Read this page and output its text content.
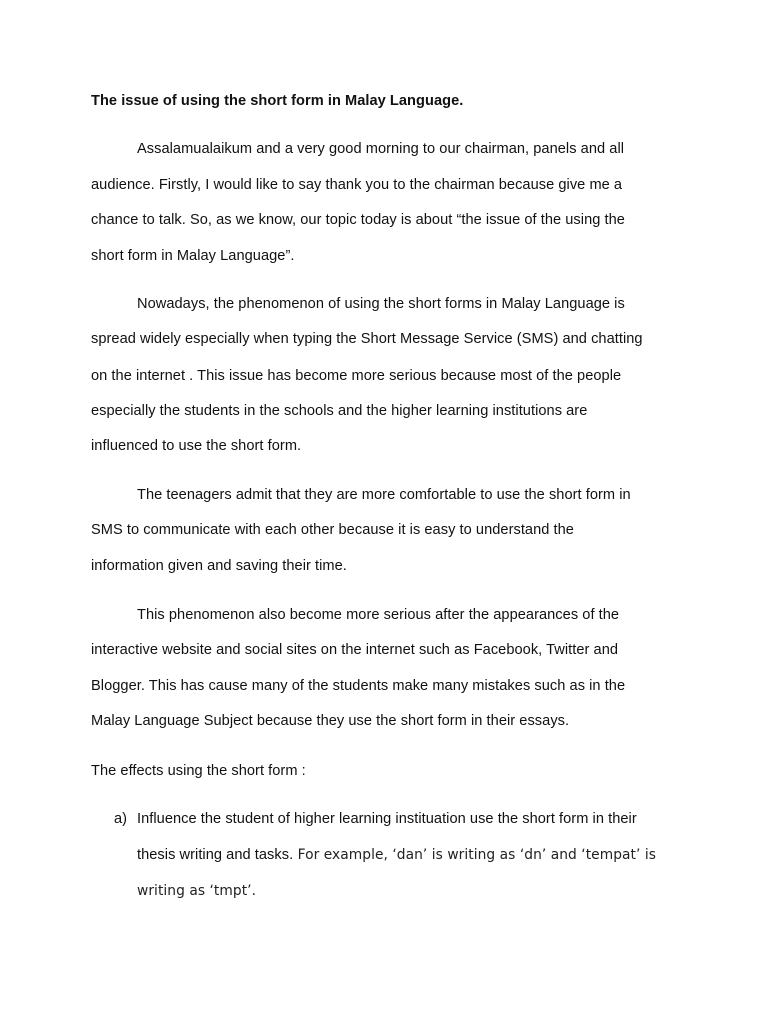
The issue of using the short form in Malay Language.
Assalamualaikum and a very good morning to our chairman, panels and all
audience. Firstly, I would like to say thank you to the chairman because give me a
chance to talk. So, as we know, our topic today is about “the issue of the using the
short form in Malay Language”.
Nowadays, the phenomenon of using the short forms in Malay Language is
spread widely especially when typing the Short Message Service (SMS) and chatting
on the internet . This issue has become more serious because most of the people
especially the students in the schools and the higher learning institutions are
influenced to use the short form.
The teenagers admit that they are more comfortable to use the short form in
SMS to communicate with each other because it is easy to understand the
information given and saving their time.
This phenomenon also become more serious after the appearances of the
interactive website and social sites on the internet such as Facebook, Twitter and
Blogger. This has cause many of the students make many mistakes such as in the
Malay Language Subject because they use the short form in their essays.
The effects using the short form :
a) Influence the student of higher learning instituation use the short form in their
thesis writing and tasks. For example, ‘dan’ is writing as ‘dn’ and ‘tempat’ is
writing as ‘tmpt’.
